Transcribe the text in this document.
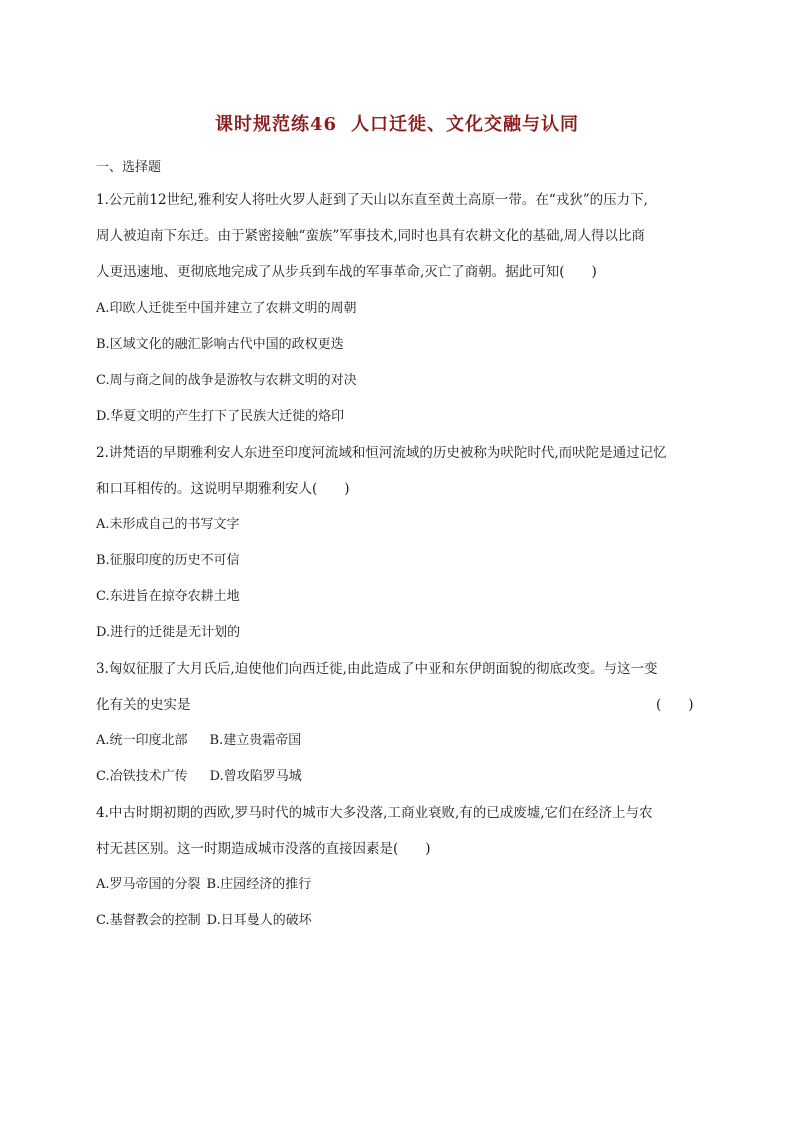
课时规范练46 人口迁徙、文化交融与认同
一、选择题
1.公元前12世纪,雅利安人将吐火罗人赶到了天山以东直至黄土高原一带。在“戎狄”的压力下,
周人被迫南下东迁。由于紧密接触“蛮族”军事技术,同时也具有农耕文化的基础,周人得以比商
人更迅速地、更彻底地完成了从步兵到车战的军事革命,灭亡了商朝。据此可知(　　)
A.印欧人迁徙至中国并建立了农耕文明的周朝
B.区域文化的融汇影响古代中国的政权更迭
C.周与商之间的战争是游牧与农耕文明的对决
D.华夏文明的产生打下了民族大迁徙的烙印
2.讲梵语的早期雅利安人东进至印度河流域和恒河流域的历史被称为吠陀时代,而吠陀是通过记忆
和口耳相传的。这说明早期雅利安人(　　)
A.未形成自己的书写文字
B.征服印度的历史不可信
C.东进旨在掠夺农耕土地
D.进行的迁徙是无计划的
3.匈奴征服了大月氏后,迫使他们向西迁徙,由此造成了中亚和东伊朗面貌的彻底改变。与这一变
化有关的史实是	(　　)
A.统一印度北部 B.建立贵霜帝国
C.冶铁技术广传 D.曾攻陷罗马城
4.中古时期初期的西欧,罗马时代的城市大多没落,工商业衰败,有的已成废墟,它们在经济上与农
村无甚区别。这一时期造成城市没落的直接因素是(　　)
A.罗马帝国的分裂 B.庄园经济的推行
C.基督教会的控制 D.日耳曼人的破坏
